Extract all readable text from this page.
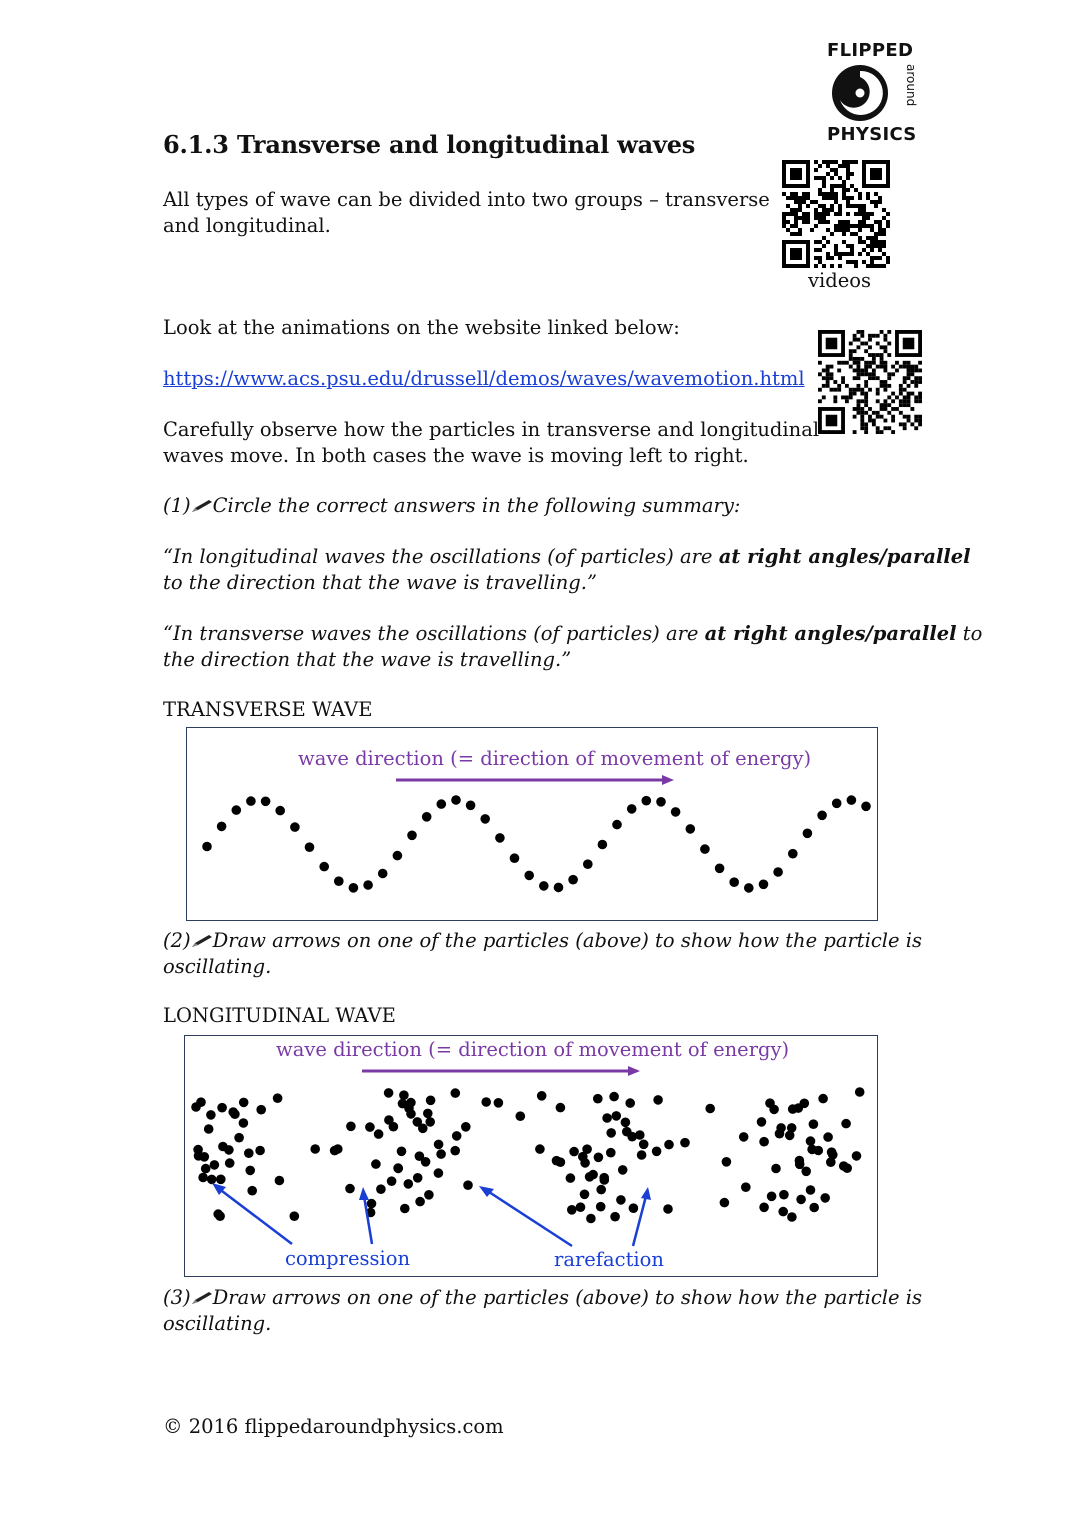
FLIPPED
around
PHYSICS
6.1.3 Transverse and longitudinal waves
All types of wave can be divided into two groups – transverse
and longitudinal.
videos
Look at the animations on the website linked below:
https://www.acs.psu.edu/drussell/demos/waves/wavemotion.html
Carefully observe how the particles in transverse and longitudinal
waves move. In both cases the wave is moving left to right.
(1) Circle the correct answers in the following summary:
“In longitudinal waves the oscillations (of particles) are at right angles/parallel
to the direction that the wave is travelling.”
“In transverse waves the oscillations (of particles) are at right angles/parallel to
the direction that the wave is travelling.”
TRANSVERSE WAVE
wave direction (= direction of movement of energy)
(2) Draw arrows on one of the particles (above) to show how the particle is
oscillating.
LONGITUDINAL WAVE
wave direction (= direction of movement of energy)
compression	rarefaction
(3) Draw arrows on one of the particles (above) to show how the particle is
oscillating.
© 2016 flippedaroundphysics.com
